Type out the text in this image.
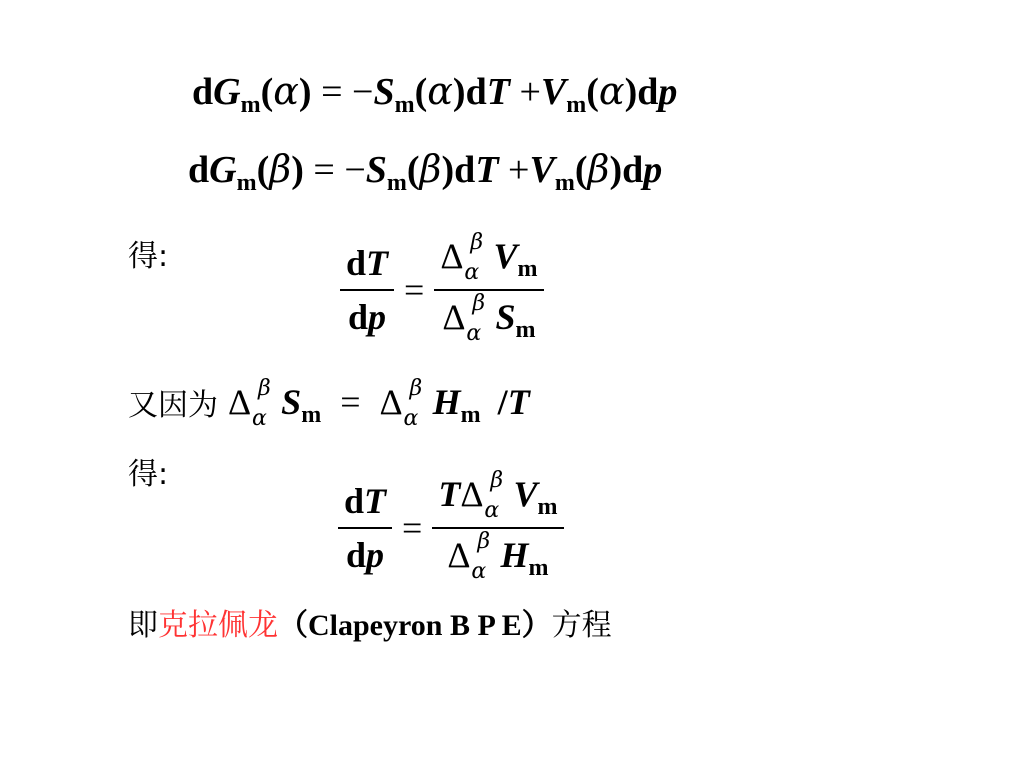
$dG_m(\alpha) = -S_m(\alpha)dT +V_m(\alpha)dp$
$dG_m(\beta) = -S_m(\beta)dT +V_m(\beta)dp$
得:	$\frac{dT}{dp} = \Delta$ β
α $V_m$
Δ β
α $S_m$
又因为 Δ β
α $S_m = \Delta$ β
α $H_m$ /T
得:
$\frac{dT}{dp} = T\Delta$ β
α $V_m$
Δ β
α $H_m$
即 克拉佩龙 （Clapeyron B P E） 方程
